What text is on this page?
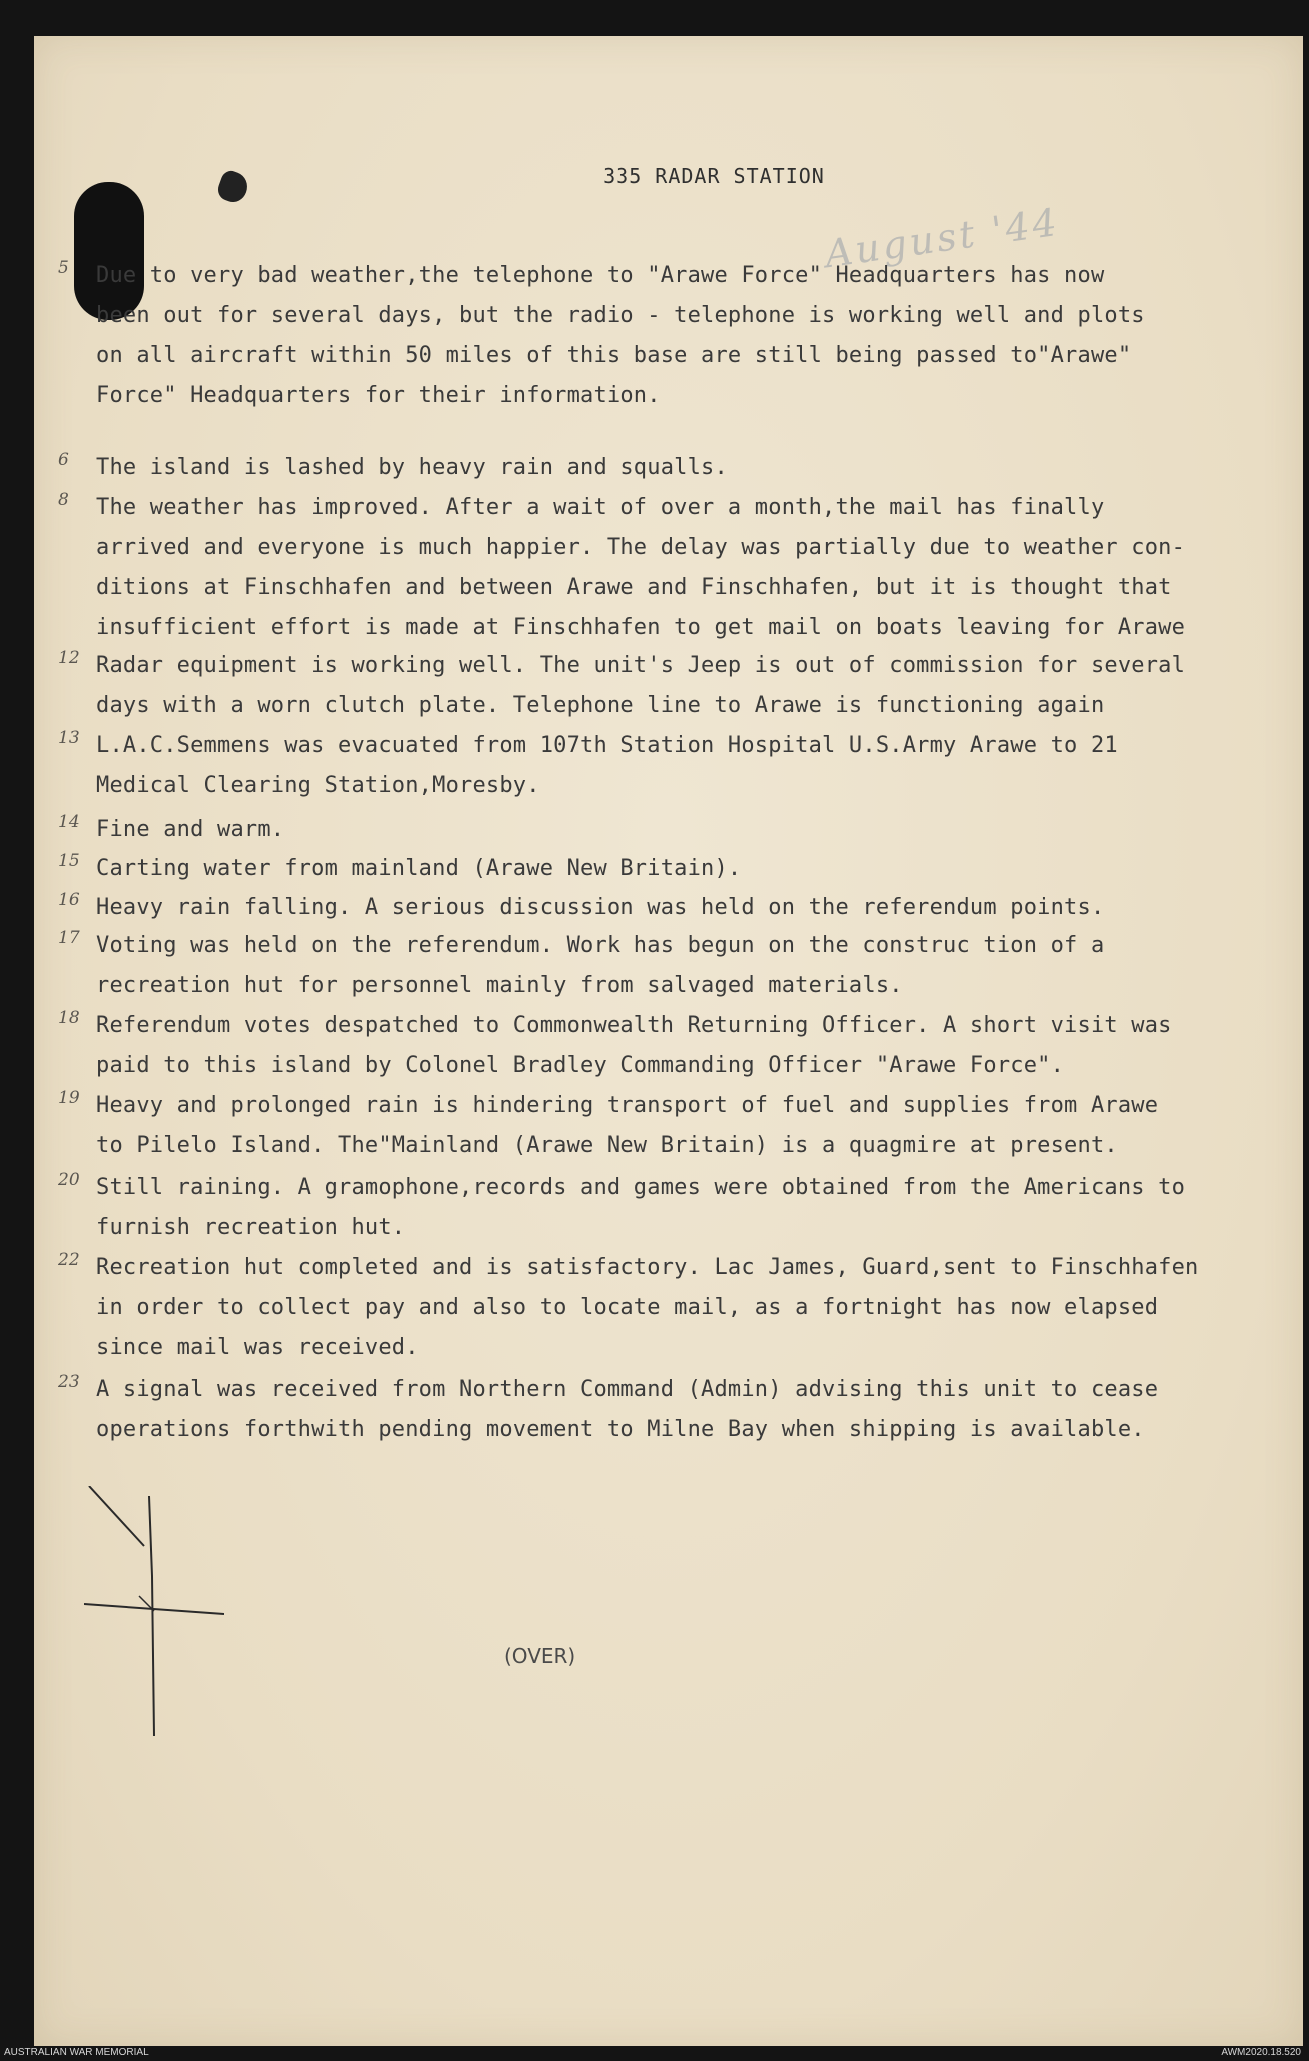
335 RADAR STATION
August '44
5	Due to very bad weather,the telephone to "Arawe Force" Headquarters has now
been out for several days, but the radio - telephone is working well and plots
on all aircraft within 50 miles of this base are still being passed to"Arawe"
Force" Headquarters for their information.
6	The island is lashed by heavy rain and squalls.
8	The weather has improved. After a wait of over a month,the mail has finally
arrived and everyone is much happier. The delay was partially due to weather con-
ditions at Finschhafen and between Arawe and Finschhafen, but it is thought that
insufficient effort is made at Finschhafen to get mail on boats leaving for Arawe
12 Radar equipment is working well. The unit's Jeep is out of commission for several
days with a worn clutch plate. Telephone line to Arawe is functioning again
13 L.A.C.Semmens was evacuated from 107th Station Hospital U.S.Army Arawe to 21
Medical Clearing Station,Moresby.
14 Fine and warm.
15 Carting water from mainland (Arawe New Britain).
16 Heavy rain falling. A serious discussion was held on the referendum points.
17 Voting was held on the referendum. Work has begun on the construc tion of a
recreation hut for personnel mainly from salvaged materials.
18 Referendum votes despatched to Commonwealth Returning Officer. A short visit was
paid to this island by Colonel Bradley Commanding Officer "Arawe Force".
19 Heavy and prolonged rain is hindering transport of fuel and supplies from Arawe
to Pilelo Island. The"Mainland (Arawe New Britain) is a quagmire at present.
20 Still raining. A gramophone,records and games were obtained from the Americans to
furnish recreation hut.
22 Recreation hut completed and is satisfactory. Lac James, Guard,sent to Finschhafen
in order to collect pay and also to locate mail, as a fortnight has now elapsed
since mail was received.
23 A signal was received from Northern Command (Admin) advising this unit to cease
operations forthwith pending movement to Milne Bay when shipping is available.
(OVER)
AUSTRALIAN WAR MEMORIAL	AWM2020.18.520
